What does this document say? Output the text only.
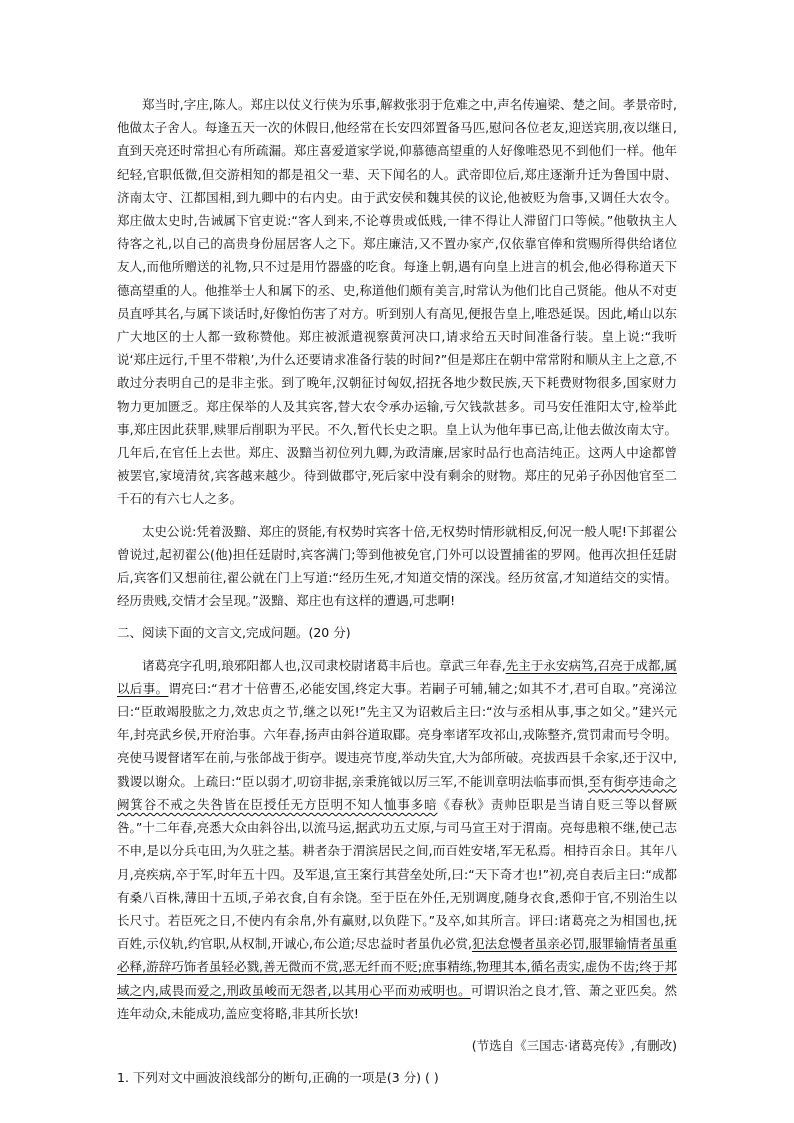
郑当时,字庄,陈人。郑庄以仗义行侠为乐事,解救张羽于危难之中,声名传遍梁、楚之间。孝景帝时,他做太子舍人。每逢五天一次的休假日,他经常在长安四郊置备马匹,慰问各位老友,迎送宾朋,夜以继日,直到天亮还时常担心有所疏漏。郑庄喜爱道家学说,仰慕德高望重的人好像唯恐见不到他们一样。他年纪轻,官职低微,但交游相知的都是祖父一辈、天下闻名的人。武帝即位后,郑庄逐渐升迁为鲁国中尉、济南太守、江都国相,到九卿中的右内史。由于武安侯和魏其侯的议论,他被贬为詹事,又调任大农令。郑庄做太史时,告诫属下官吏说:“客人到来,不论尊贵或低贱,一律不得让人滞留门口等候。”他敬执主人待客之礼,以自己的高贵身份屈居客人之下。郑庄廉洁,又不置办家产,仅依靠官俸和赏赐所得供给诸位友人,而他所赠送的礼物,只不过是用竹器盛的吃食。每逢上朝,遇有向皇上进言的机会,他必得称道天下德高望重的人。他推举士人和属下的丞、史,称道他们颇有美言,时常认为他们比自己贤能。他从不对吏员直呼其名,与属下谈话时,好像怕伤害了对方。听到别人有高见,便报告皇上,唯恐延误。因此,崤山以东广大地区的士人都一致称赞他。郑庄被派遣视察黄河决口,请求给五天时间准备行装。皇上说:“我听说‘郑庄远行,千里不带粮’,为什么还要请求准备行装的时间?”但是郑庄在朝中常常附和顺从主上之意,不敢过分表明自己的是非主张。到了晚年,汉朝征讨匈奴,招抚各地少数民族,天下耗费财物很多,国家财力物力更加匮乏。郑庄保举的人及其宾客,替大农令承办运输,亏欠钱款甚多。司马安任淮阳太守,检举此事,郑庄因此获罪,赎罪后削职为平民。不久,暂代长史之职。皇上认为他年事已高,让他去做汝南太守。几年后,在官任上去世。郑庄、汲黯当初位列九卿,为政清廉,居家时品行也高洁纯正。这两人中途都曾被罢官,家境清贫,宾客越来越少。待到做郡守,死后家中没有剩余的财物。郑庄的兄弟子孙因他官至二千石的有六七人之多。

太史公说:凭着汲黯、郑庄的贤能,有权势时宾客十倍,无权势时情形就相反,何况一般人呢!下邽翟公曾说过,起初翟公(他)担任廷尉时,宾客满门;等到他被免官,门外可以设置捕雀的罗网。他再次担任廷尉后,宾客们又想前往,翟公就在门上写道:“经历生死,才知道交情的深浅。经历贫富,才知道结交的实情。经历贵贱,交情才会呈现。”汲黯、郑庄也有这样的遭遇,可悲啊!

二、阅读下面的文言文,完成问题。(20 分)

诸葛亮字孔明,琅邪阳都人也,汉司隶校尉诸葛丰后也。章武三年春,先主于永安病笃,召亮于成都,属以后事。谓亮曰:“君才十倍曹丕,必能安国,终定大事。若嗣子可辅,辅之;如其不才,君可自取。”亮涕泣曰:“臣敢竭股肱之力,效忠贞之节,继之以死!”先主又为诏敕后主曰:“汝与丞相从事,事之如父。”建兴元年,封亮武乡侯,开府治事。六年春,扬声由斜谷道取郿。亮身率诸军攻祁山,戎陈整齐,赏罚肃而号令明。亮使马谡督诸军在前,与张郃战于街亭。谡违亮节度,举动失宜,大为郃所破。亮拔西县千余家,还于汉中,戮谡以谢众。上疏曰:“臣以弱才,叨窃非据,亲秉旄钺以厉三军,不能训章明法临事而惧,至有街亭违命之阙箕谷不戒之失咎皆在臣授任无方臣明不知人恤事多暗《春秋》责帅臣职是当请自贬三等以督厥咎。”十二年春,亮悉大众由斜谷出,以流马运,据武功五丈原,与司马宣王对于渭南。亮每患粮不继,使己志不申,是以分兵屯田,为久驻之基。耕者杂于渭滨居民之间,而百姓安堵,军无私焉。相持百余日。其年八月,亮疾病,卒于军,时年五十四。及军退,宣王案行其营垒处所,曰:“天下奇才也!”初,亮自表后主曰:“成都有桑八百株,薄田十五顷,子弟衣食,自有余饶。至于臣在外任,无别调度,随身衣食,悉仰于官,不别治生以长尺寸。若臣死之日,不使内有余帛,外有赢财,以负陛下。”及卒,如其所言。评曰:诸葛亮之为相国也,抚百姓,示仪轨,约官职,从权制,开诚心,布公道;尽忠益时者虽仇必赏,犯法怠慢者虽亲必罚,服罪输情者虽重必释,游辞巧饰者虽轻必戮,善无微而不赏,恶无纤而不贬;庶事精练,物理其本,循名责实,虚伪不齿;终于邦域之内,咸畏而爱之,刑政虽峻而无怨者,以其用心平而劝戒明也。可谓识治之良才,管、萧之亚匹矣。然连年动众,未能成功,盖应变将略,非其所长欤!

(节选自《三国志·诸葛亮传》,有删改)

1. 下列对文中画波浪线部分的断句,正确的一项是(3 分) ( )
